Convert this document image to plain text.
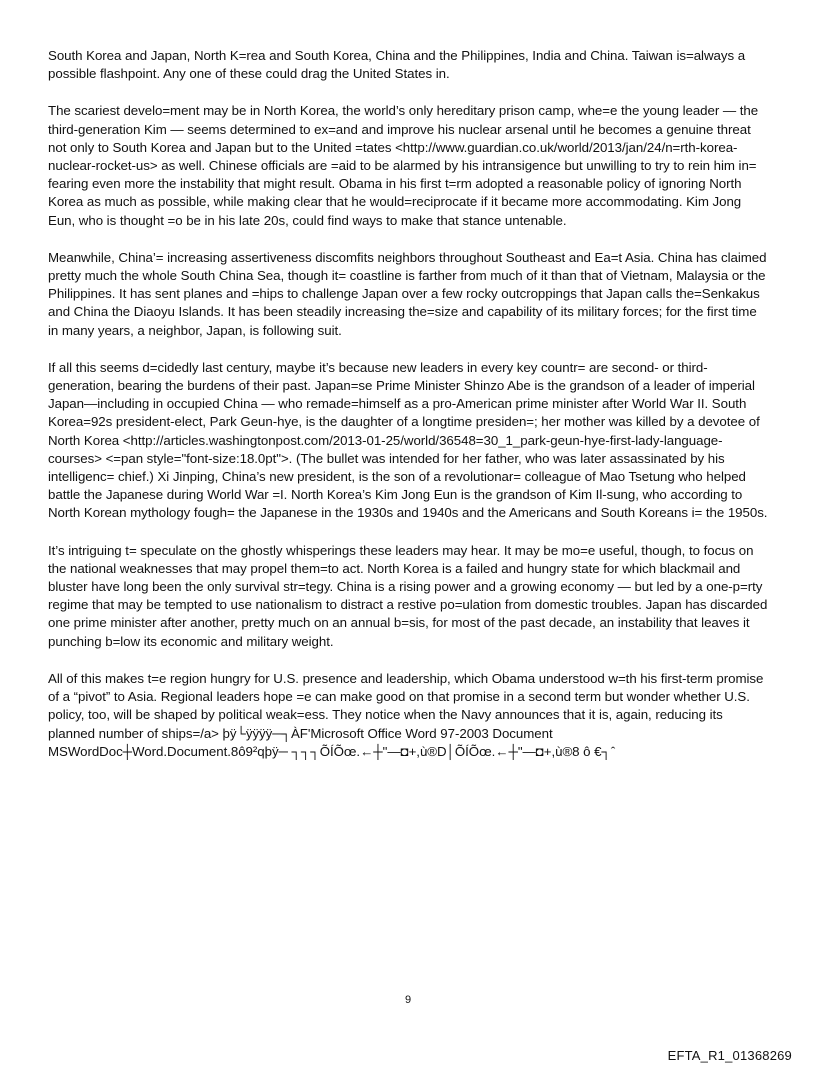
South Korea and Japan, North K=rea and South Korea, China and the Philippines, India and China. Taiwan is=always a possible flashpoint. Any one of these could drag the United States in.

The scariest develo=ment may be in North Korea, the world’s only hereditary prison camp, whe=e the young leader — the third-generation Kim — seems determined to ex=and and improve his nuclear arsenal until he becomes a genuine threat not only to South Korea and Japan but to the United =tates <http://www.guardian.co.uk/world/2013/jan/24/n=rth-korea-nuclear-rocket-us> as well. Chinese officials are =aid to be alarmed by his intransigence but unwilling to try to rein him in= fearing even more the instability that might result. Obama in his first t=rm adopted a reasonable policy of ignoring North Korea as much as possible, while making clear that he would=reciprocate if it became more accommodating. Kim Jong Eun, who is thought =o be in his late 20s, could find ways to make that stance untenable.

Meanwhile, China’= increasing assertiveness discomfits neighbors throughout Southeast and Ea=t Asia. China has claimed pretty much the whole South China Sea, though it= coastline is farther from much of it than that of Vietnam, Malaysia or the Philippines. It has sent planes and =hips to challenge Japan over a few rocky outcroppings that Japan calls the=Senkakus and China the Diaoyu Islands. It has been steadily increasing the=size and capability of its military forces; for the first time in many years, a neighbor, Japan, is following suit.

If all this seems d=cidedly last century, maybe it’s because new leaders in every key countr= are second- or third-generation, bearing the burdens of their past. Japan=se Prime Minister Shinzo Abe is the grandson of a leader of imperial Japan—including in occupied China — who remade=himself as a pro-American prime minister after World War II. South Korea=92s president-elect, Park Geun-hye, is the daughter of a longtime presiden=; her mother was killed by a devotee of North Korea <http://articles.washingtonpost.com/2013-01-25/world/36548=30_1_park-geun-hye-first-lady-language-courses> <=pan style="font-size:18.0pt">. (The bullet was intended for her father, who was later assassinated by his intelligenc= chief.) Xi Jinping, China’s new president, is the son of a revolutionar= colleague of Mao Tsetung who helped battle the Japanese during World War =I. North Korea’s Kim Jong Eun is the grandson of Kim Il-sung, who according to North Korean mythology fough= the Japanese in the 1930s and 1940s and the Americans and South Koreans i= the 1950s.

It’s intriguing t= speculate on the ghostly whisperings these leaders may hear. It may be mo=e useful, though, to focus on the national weaknesses that may propel them=to act. North Korea is a failed and hungry state for which blackmail and bluster have long been the only survival str=tegy. China is a rising power and a growing economy — but led by a one-p=rty regime that may be tempted to use nationalism to distract a restive po=ulation from domestic troubles. Japan has discarded one prime minister after another, pretty much on an annual b=sis, for most of the past decade, an instability that leaves it punching b=low its economic and military weight.

All of this makes t=e region hungry for U.S. presence and leadership, which Obama understood w=th his first-term promise of a “pivot” to Asia. Regional leaders hope =e can make good on that promise in a second term but wonder whether U.S. policy, too, will be shaped by political weak=ess. They notice when the Navy announces that it is, again, reducing its planned number of ships=/a> þÿ└ÿÿÿÿ─┐ÀF'Microsoft Office Word 97-2003 Document MSWordDoc┼Word.Document.8ô9²qþÿ─ ┐┐┐ÕÍÕœ.←┼"—◘+,ù®D│ÕÍÕœ.←┼"—◘+,ù®8 ô €┐ˆ

9
EFTA_R1_01368269
